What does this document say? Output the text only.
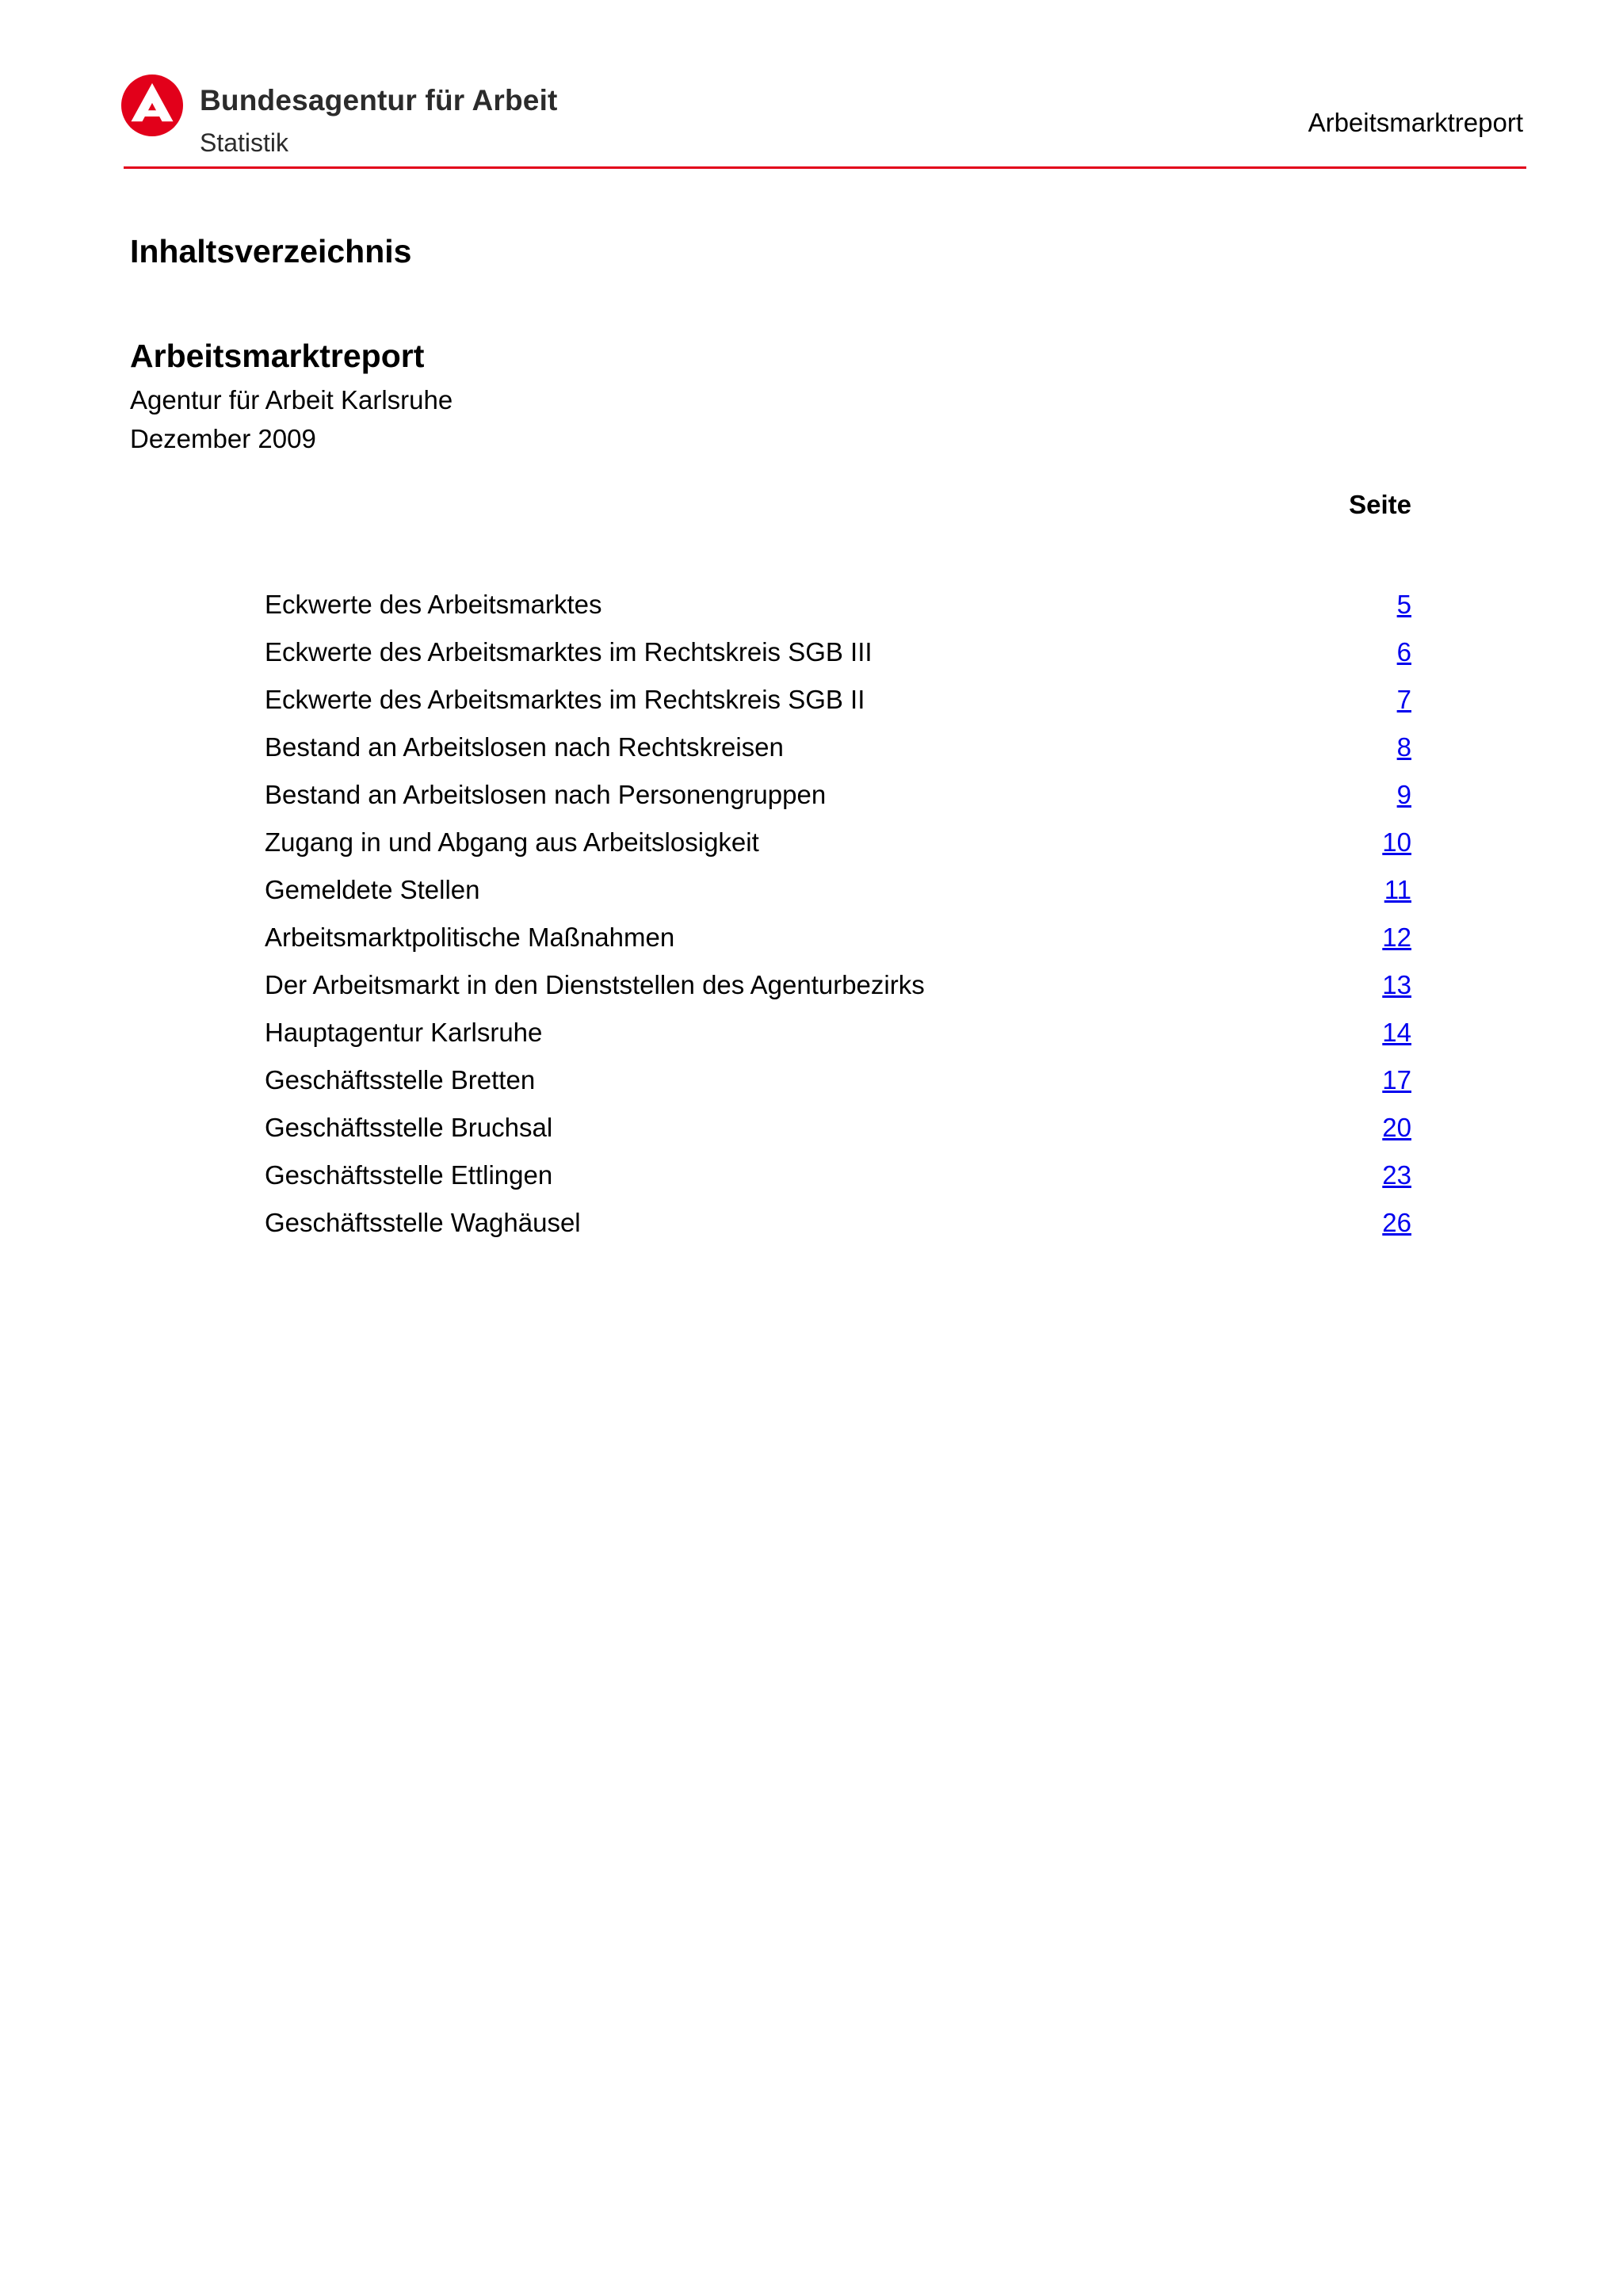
Bundesagentur für Arbeit
Statistik
Arbeitsmarktreport
Inhaltsverzeichnis
Arbeitsmarktreport
Agentur für Arbeit Karlsruhe
Dezember 2009
Seite
Eckwerte des Arbeitsmarktes	5
Eckwerte des Arbeitsmarktes im Rechtskreis SGB III	6
Eckwerte des Arbeitsmarktes im Rechtskreis SGB II	7
Bestand an Arbeitslosen nach Rechtskreisen	8
Bestand an Arbeitslosen nach Personengruppen	9
Zugang in und Abgang aus Arbeitslosigkeit	10
Gemeldete Stellen	11
Arbeitsmarktpolitische Maßnahmen	12
Der Arbeitsmarkt in den Dienststellen des Agenturbezirks	13
Hauptagentur Karlsruhe	14
Geschäftsstelle Bretten	17
Geschäftsstelle Bruchsal	20
Geschäftsstelle Ettlingen	23
Geschäftsstelle Waghäusel	26
